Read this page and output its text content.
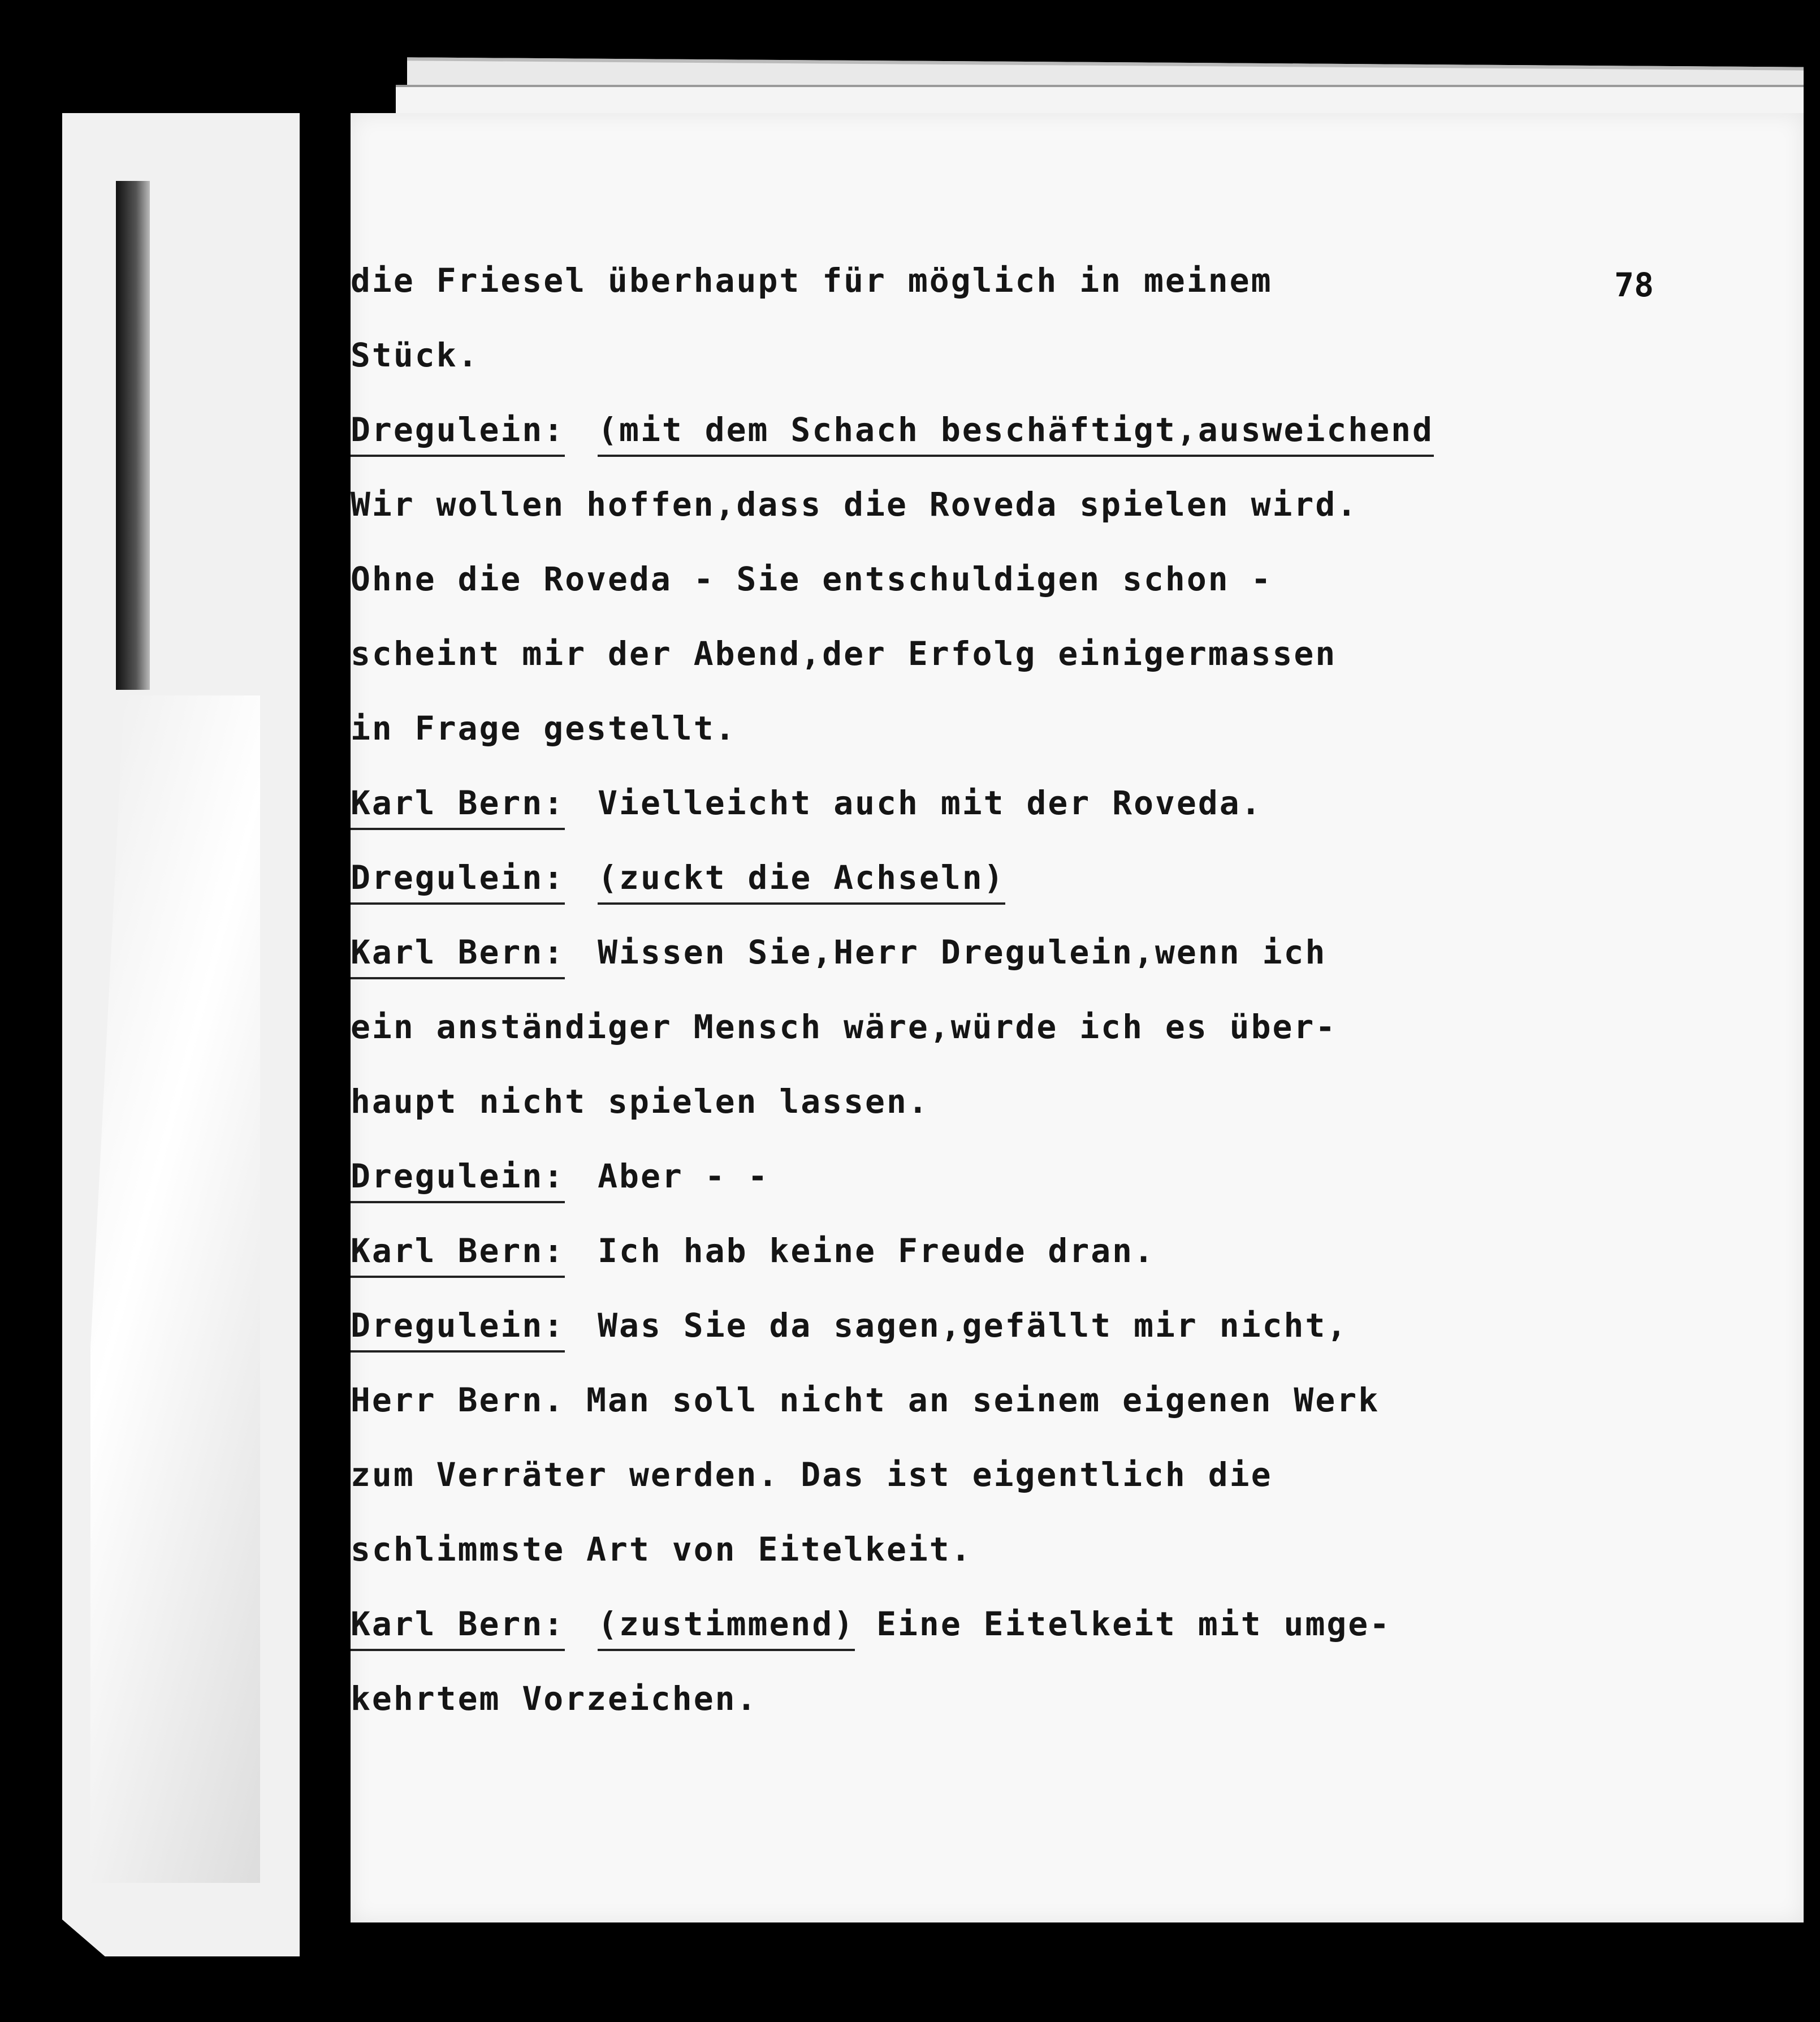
78
die Friesel überhaupt für möglich in meinem
Stück.
Dregulein: (mit dem Schach beschäftigt,ausweichend
Wir wollen hoffen,dass die Roveda spielen wird.
Ohne die Roveda - Sie entschuldigen schon -
scheint mir der Abend,der Erfolg einigermassen
in Frage gestellt.
Karl Bern: Vielleicht auch mit der Roveda.
Dregulein: (zuckt die Achseln)
Karl Bern: Wissen Sie,Herr Dregulein,wenn ich
ein anständiger Mensch wäre,würde ich es über-
haupt nicht spielen lassen.
Dregulein: Aber - -
Karl Bern: Ich hab keine Freude dran.
Dregulein: Was Sie da sagen,gefällt mir nicht,
Herr Bern. Man soll nicht an seinem eigenen Werk
zum Verräter werden. Das ist eigentlich die
schlimmste Art von Eitelkeit.
Karl Bern: (zustimmend) Eine Eitelkeit mit umge-
kehrtem Vorzeichen.
